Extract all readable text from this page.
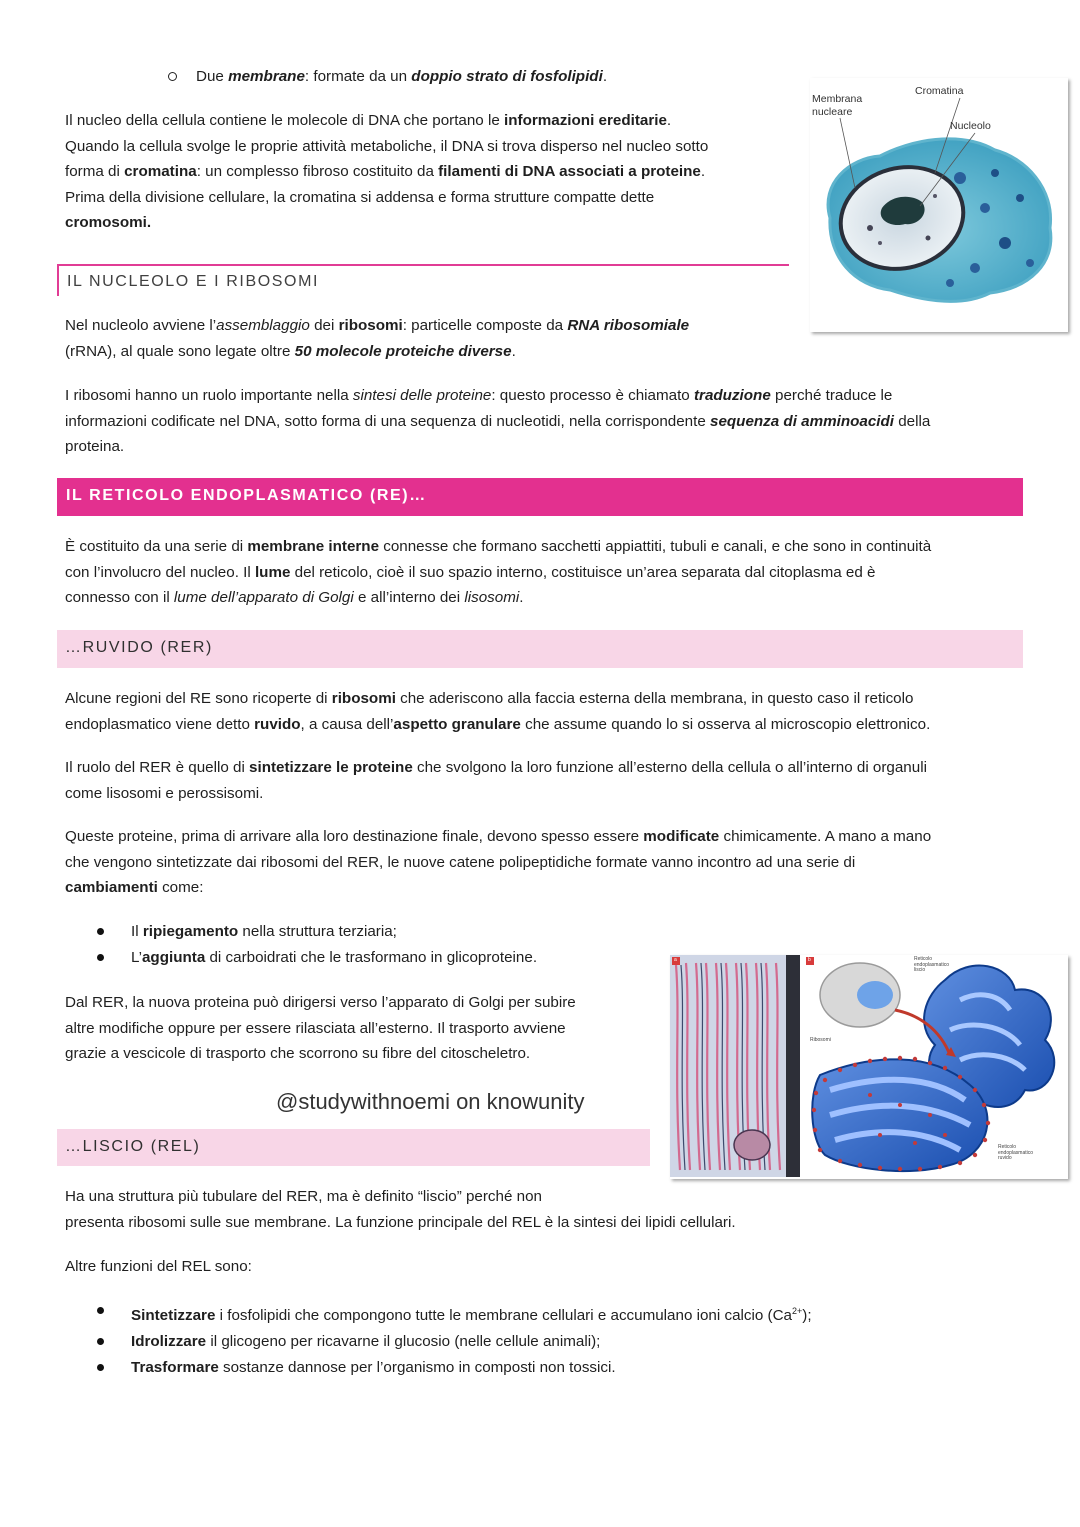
Due membrane: formate da un doppio strato di fosfolipidi.

Il nucleo della cellula contiene le molecole di DNA che portano le informazioni ereditarie.

Quando la cellula svolge le proprie attività metaboliche, il DNA si trova disperso nel nucleo sotto

forma di cromatina: un complesso fibroso costituito da filamenti di DNA associati a proteine.

Prima della divisione cellulare, la cromatina si addensa e forma strutture compatte dette

cromosomi.

Membrana nucleare
Cromatina
Nucleolo
IL NUCLEOLO E I RIBOSOMI

Nel nucleolo avviene l’assemblaggio dei ribosomi: particelle composte da RNA ribosomiale

(rRNA), al quale sono legate oltre 50 molecole proteiche diverse.

I ribosomi hanno un ruolo importante nella sintesi delle proteine: questo processo è chiamato traduzione perché traduce le

informazioni codificate nel DNA, sotto forma di una sequenza di nucleotidi, nella corrispondente sequenza di amminoacidi della

proteina.

IL RETICOLO ENDOPLASMATICO (RE)…

È costituito da una serie di membrane interne connesse che formano sacchetti appiattiti, tubuli e canali, e che sono in continuità

con l’involucro del nucleo. Il lume del reticolo, cioè il suo spazio interno, costituisce un’area separata dal citoplasma ed è

connesso con il lume dell’apparato di Golgi e all’interno dei lisosomi.

…RUVIDO (RER)

Alcune regioni del RE sono ricoperte di ribosomi che aderiscono alla faccia esterna della membrana, in questo caso il reticolo

endoplasmatico viene detto ruvido, a causa dell’aspetto granulare che assume quando lo si osserva al microscopio elettronico.

Il ruolo del RER è quello di sintetizzare le proteine che svolgono la loro funzione all’esterno della cellula o all’interno di organuli

come lisosomi e perossisomi.

Queste proteine, prima di arrivare alla loro destinazione finale, devono spesso essere modificate chimicamente. A mano a mano

che vengono sintetizzate dai ribosomi del RER, le nuove catene polipeptidiche formate vanno incontro ad una serie di

cambiamenti come:

Il ripiegamento nella struttura terziaria;
L’aggiunta di carboidrati che le trasformano in glicoproteine.

Dal RER, la nuova proteina può dirigersi verso l’apparato di Golgi per subire

altre modifiche oppure per essere rilasciata all’esterno. Il trasporto avviene

grazie a vescicole di trasporto che scorrono su fibre del citoscheletro.

a	b	Reticolo endoplasmatico liscio
Ribosomi
Reticolo endoplasmatico ruvido
@studywithnoemi on knowunity
…LISCIO (REL)

Ha una struttura più tubulare del RER, ma è definito “liscio” perché non

presenta ribosomi sulle sue membrane. La funzione principale del REL è la sintesi dei lipidi cellulari.

Altre funzioni del REL sono:

Sintetizzare i fosfolipidi che compongono tutte le membrane cellulari e accumulano ioni calcio $(Ca^{2+})$;
Idrolizzare il glicogeno per ricavarne il glucosio (nelle cellule animali);
Trasformare sostanze dannose per l’organismo in composti non tossici.
